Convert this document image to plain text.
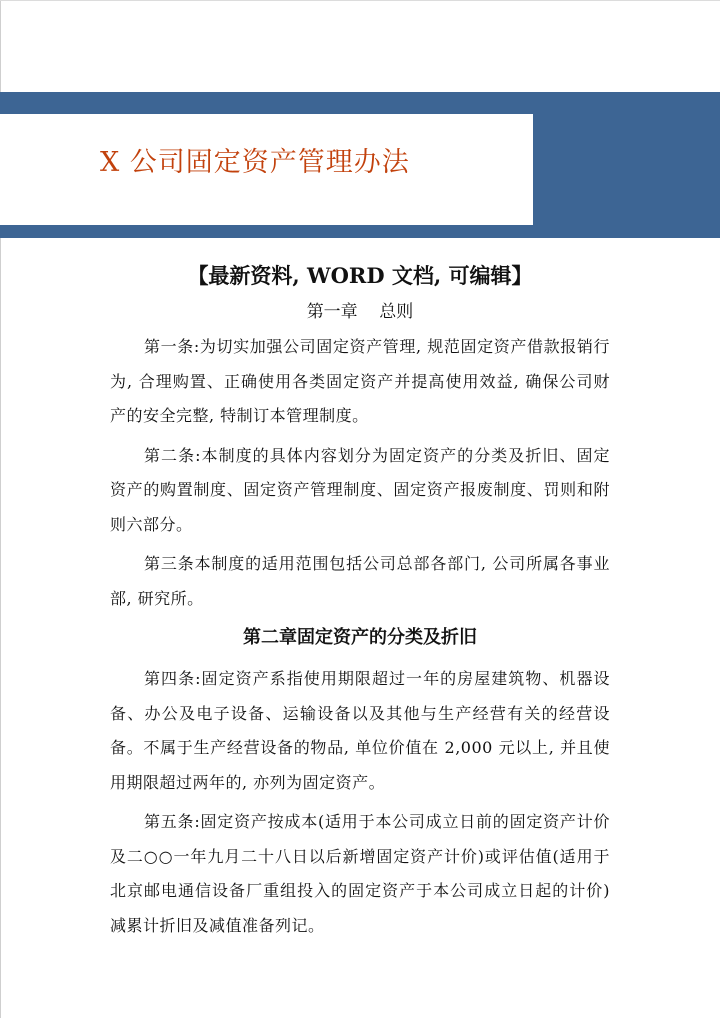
X 公司固定资产管理办法

【最新资料, WORD 文档, 可编辑】

第一章    总则

第一条:为切实加强公司固定资产管理, 规范固定资产借款报销行为, 合理购置、正确使用各类固定资产并提高使用效益, 确保公司财产的安全完整, 特制订本管理制度。

第二条:本制度的具体内容划分为固定资产的分类及折旧、固定资产的购置制度、固定资产管理制度、固定资产报废制度、罚则和附则六部分。

第三条本制度的适用范围包括公司总部各部门, 公司所属各事业部, 研究所。

第二章固定资产的分类及折旧

第四条:固定资产系指使用期限超过一年的房屋建筑物、机器设备、办公及电子设备、运输设备以及其他与生产经营有关的经营设备。不属于生产经营设备的物品, 单位价值在 2,000 元以上, 并且使用期限超过两年的, 亦列为固定资产。

第五条:固定资产按成本(适用于本公司成立日前的固定资产计价及二○○一年九月二十八日以后新增固定资产计价)或评估值(适用于北京邮电通信设备厂重组投入的固定资产于本公司成立日起的计价)减累计折旧及减值准备列记。
